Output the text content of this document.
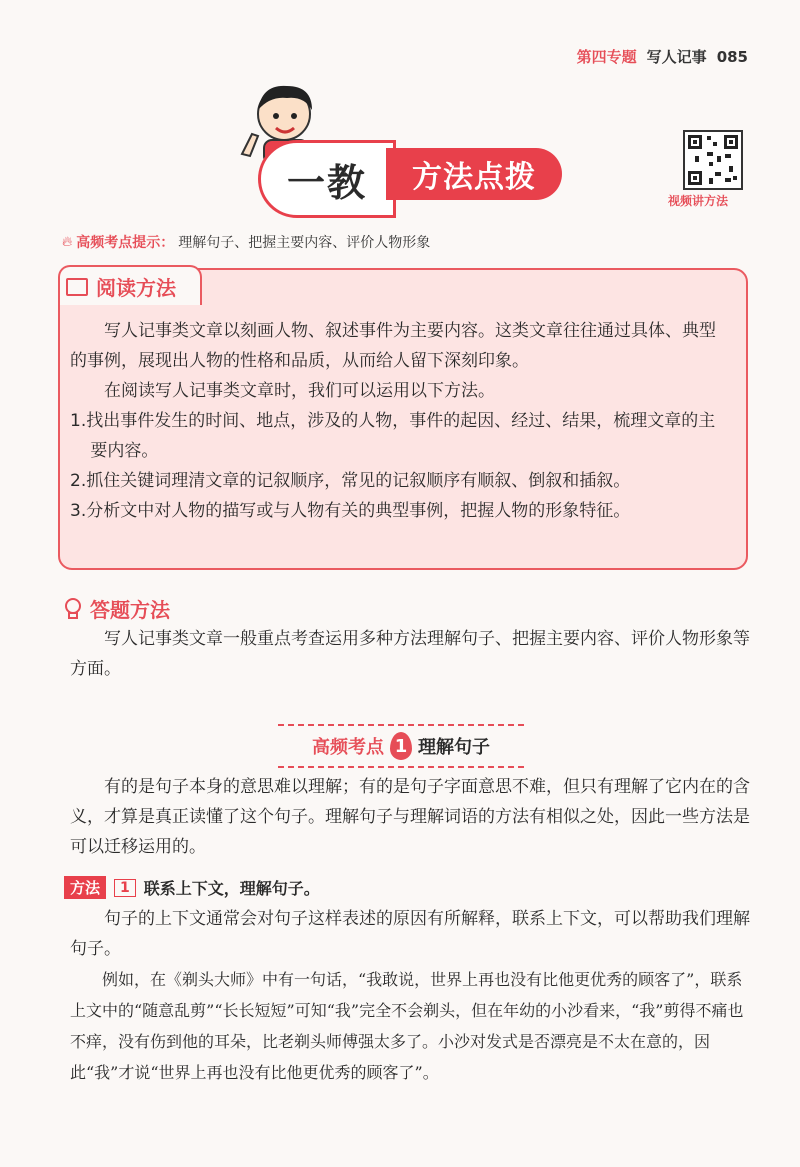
第四专题 写人记事 085
一教	方法点拨
视频讲方法
🔥︎ 高频考点提示： 理解句子、把握主要内容、评价人物形象
阅读方法

写人记事类文章以刻画人物、叙述事件为主要内容。这类文章往往通过具体、典型的事例，展现出人物的性格和品质，从而给人留下深刻印象。

在阅读写人记事类文章时，我们可以运用以下方法。

1.找出事件发生的时间、地点，涉及的人物，事件的起因、经过、结果，梳理文章的主要内容。

2.抓住关键词理清文章的记叙顺序，常见的记叙顺序有顺叙、倒叙和插叙。

3.分析文中对人物的描写或与人物有关的典型事例，把握人物的形象特征。

答题方法

写人记事类文章一般重点考查运用多种方法理解句子、把握主要内容、评价人物形象等方面。

高频考点 1 理解句子

有的是句子本身的意思难以理解；有的是句子字面意思不难，但只有理解了它内在的含义，才算是真正读懂了这个句子。理解句子与理解词语的方法有相似之处，因此一些方法是可以迁移运用的。

方法	1 联系上下文，理解句子。

句子的上下文通常会对句子这样表述的原因有所解释，联系上下文，可以帮助我们理解句子。

例如，在《剃头大师》中有一句话，“我敢说，世界上再也没有比他更优秀的顾客了”，联系上文中的“随意乱剪”“长长短短”可知“我”完全不会剃头，但在年幼的小沙看来，“我”剪得不痛也不痒，没有伤到他的耳朵，比老剃头师傅强太多了。小沙对发式是否漂亮是不太在意的，因此“我”才说“世界上再也没有比他更优秀的顾客了”。
